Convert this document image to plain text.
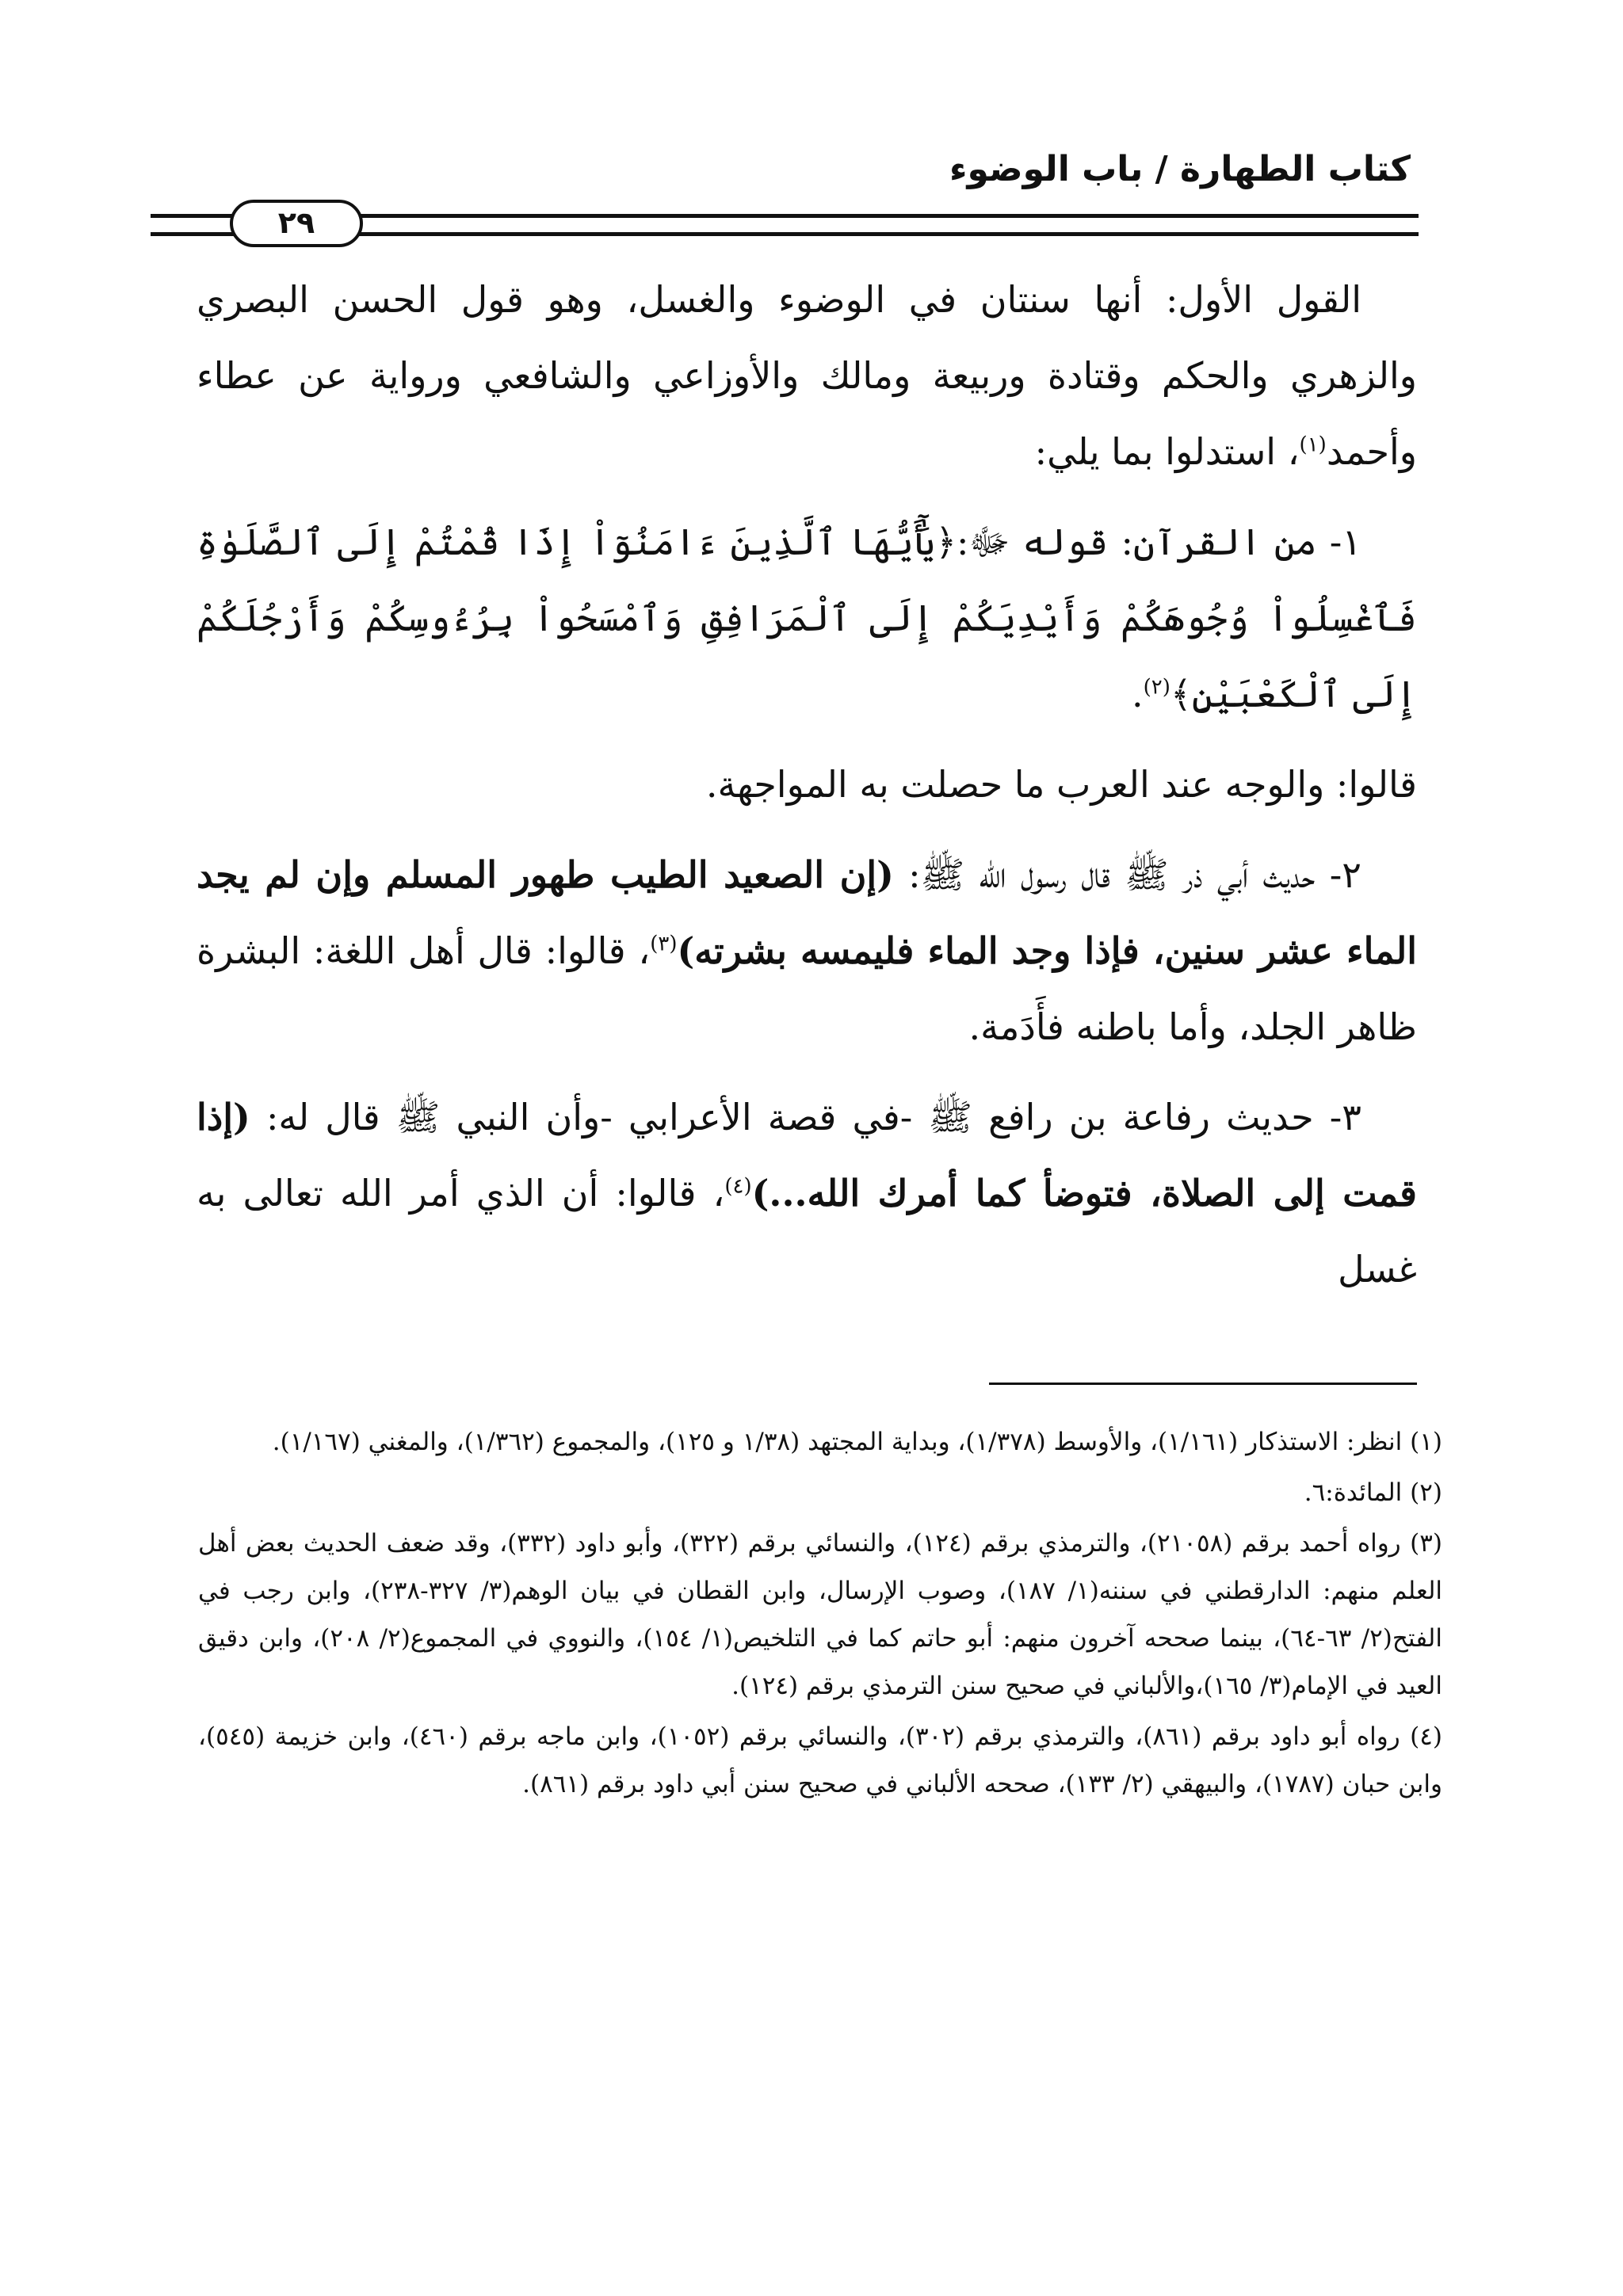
كتاب الطهارة / باب الوضوء
٢٩

القول الأول: أنها سنتان في الوضوء والغسل، وهو قول الحسن البصري والزهري والحكم وقتادة وربيعة ومالك والأوزاعي والشافعي ورواية عن عطاء وأحمد$^{(١)}$، استدلوا بما يلي:

١- من القرآن: قوله ﷻ:﴿يَٰٓأَيُّهَا ٱلَّذِينَ ءَامَنُوٓاْ إِذَا قُمْتُمْ إِلَى ٱلصَّلَوٰةِ فَٱغْسِلُواْ وُجُوهَكُمْ وَأَيْدِيَكُمْ إِلَى ٱلْمَرَافِقِ وَٱمْسَحُواْ بِرُءُوسِكُمْ وَأَرْجُلَكُمْ إِلَى ٱلْكَعْبَيْنِ﴾$^{(٢)}$.

قالوا: والوجه عند العرب ما حصلت به المواجهة.

٢- حديث أبي ذر ﷺ قال رسول الله ﷺ: (إن الصعيد الطيب طهور المسلم وإن لم يجد الماء عشر سنين، فإذا وجد الماء فليمسه بشرته)$^{(٣)}$، قالوا: قال أهل اللغة: البشرة ظاهر الجلد، وأما باطنه فأَدَمة.

٣- حديث رفاعة بن رافع ﷺ -في قصة الأعرابي -وأن النبي ﷺ قال له: (إذا قمت إلى الصلاة، فتوضأ كما أمرك الله...)$^{(٤)}$، قالوا: أن الذي أمر الله تعالى به غسل

(١) انظر: الاستذكار (١/١٦١)، والأوسط (١/٣٧٨)، وبداية المجتهد (١/٣٨ و ١٢٥)، والمجموع (١/٣٦٢)، والمغني (١/١٦٧).

(٢) المائدة:٦.

(٣) رواه أحمد برقم (٢١٠٥٨)، والترمذي برقم (١٢٤)، والنسائي برقم (٣٢٢)، وأبو داود (٣٣٢)، وقد ضعف الحديث بعض أهل العلم منهم: الدارقطني في سننه(١/ ١٨٧)، وصوب الإرسال، وابن القطان في بيان الوهم(٣/ ٣٢٧-٢٣٨)، وابن رجب في الفتح(٢/ ٦٣-٦٤)، بينما صححه آخرون منهم: أبو حاتم كما في التلخيص(١/ ١٥٤)، والنووي في المجموع(٢/ ٢٠٨)، وابن دقيق العيد في الإمام(٣/ ١٦٥)،والألباني في صحيح سنن الترمذي برقم (١٢٤).

(٤) رواه أبو داود برقم (٨٦١)، والترمذي برقم (٣٠٢)، والنسائي برقم (١٠٥٢)، وابن ماجه برقم (٤٦٠)، وابن خزيمة (٥٤٥)، وابن حبان (١٧٨٧)، والبيهقي (٢/ ١٣٣)، صححه الألباني في صحيح سنن أبي داود برقم (٨٦١).
